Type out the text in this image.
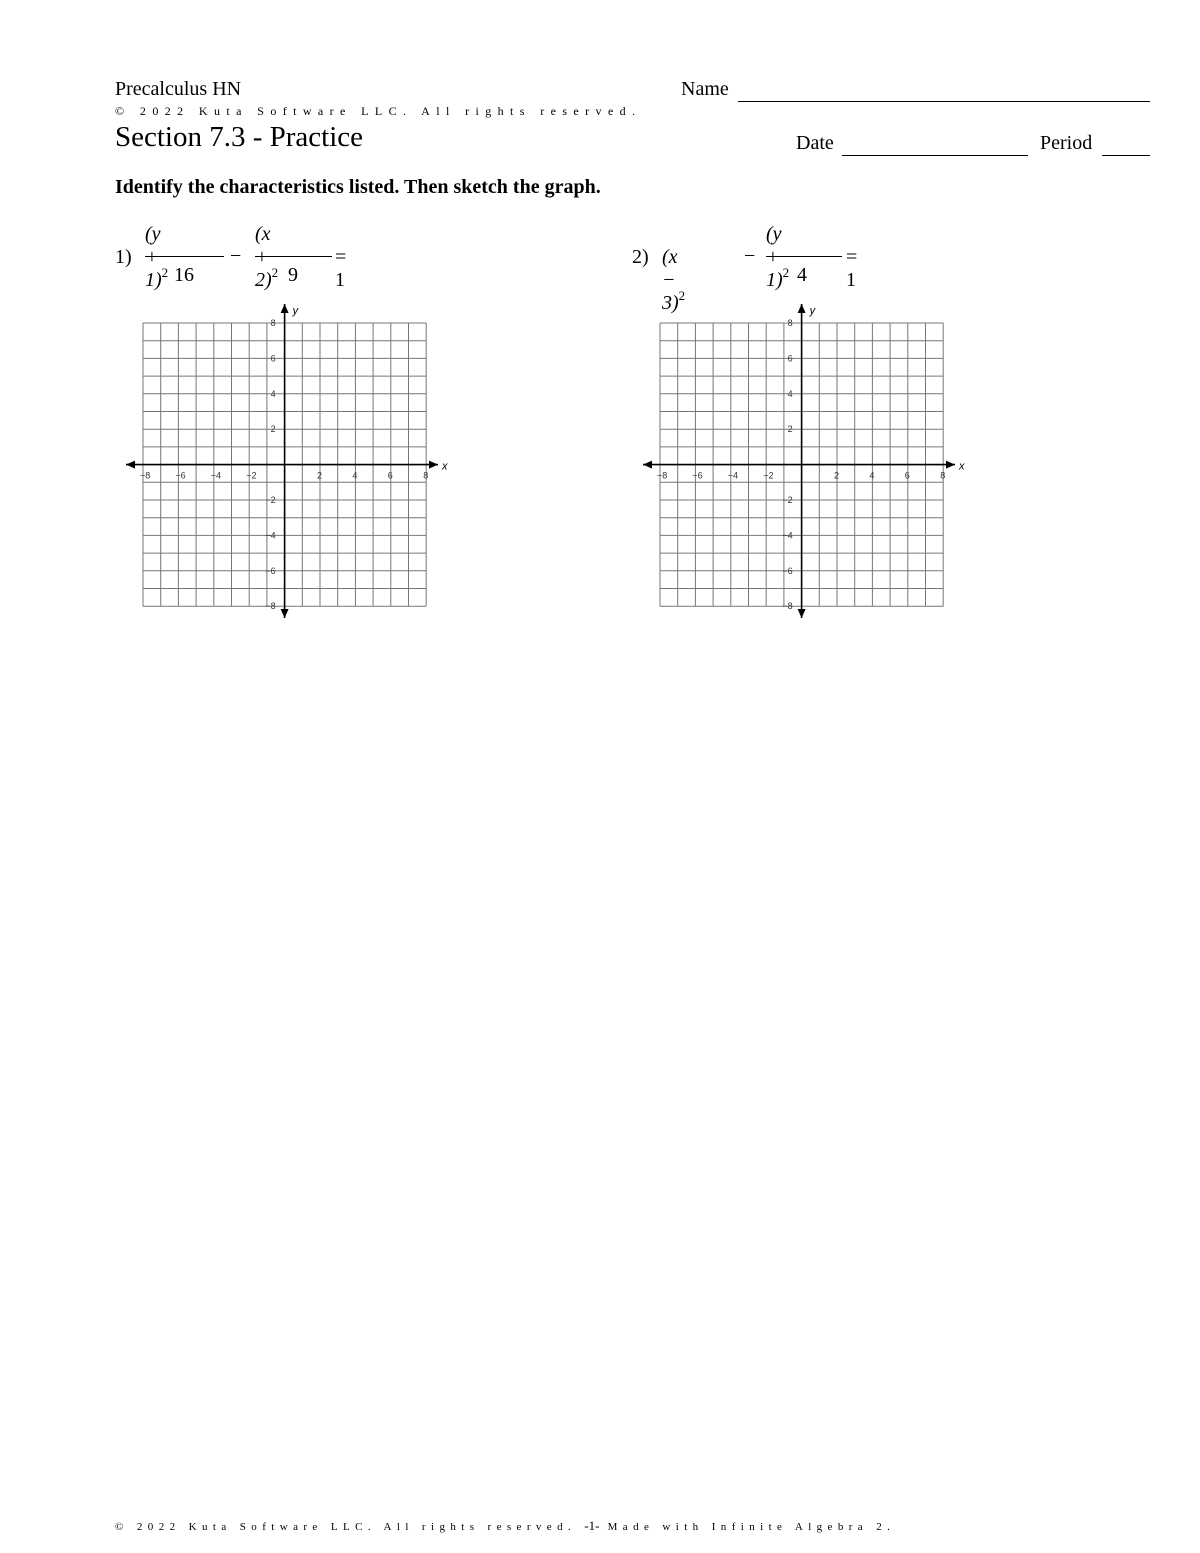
Precalculus HN	Name
© 2022 Kuta Software LLC. All rights reserved.
Section 7.3 - Practice	Date	Period
Identify the characteristics listed. Then sketch the graph.
1)
$(y + 1)^2$ 16
−
$(x + 2)^2$ 9
= 1
2) $(x - 3)^2$
−
$(y + 1)^2$ 4
= 1
x
y
−8	−6	−4	−2	2	4	6	8
8
6
4
2
−2
−4
−6
−8
x
y
−8	−6	−4	−2	2	4	6	8
8
6
4
2
−2
−4
−6
−8
© 2022 Kuta Software LLC. All rights reserved. -1- Made with Infinite Algebra 2.
